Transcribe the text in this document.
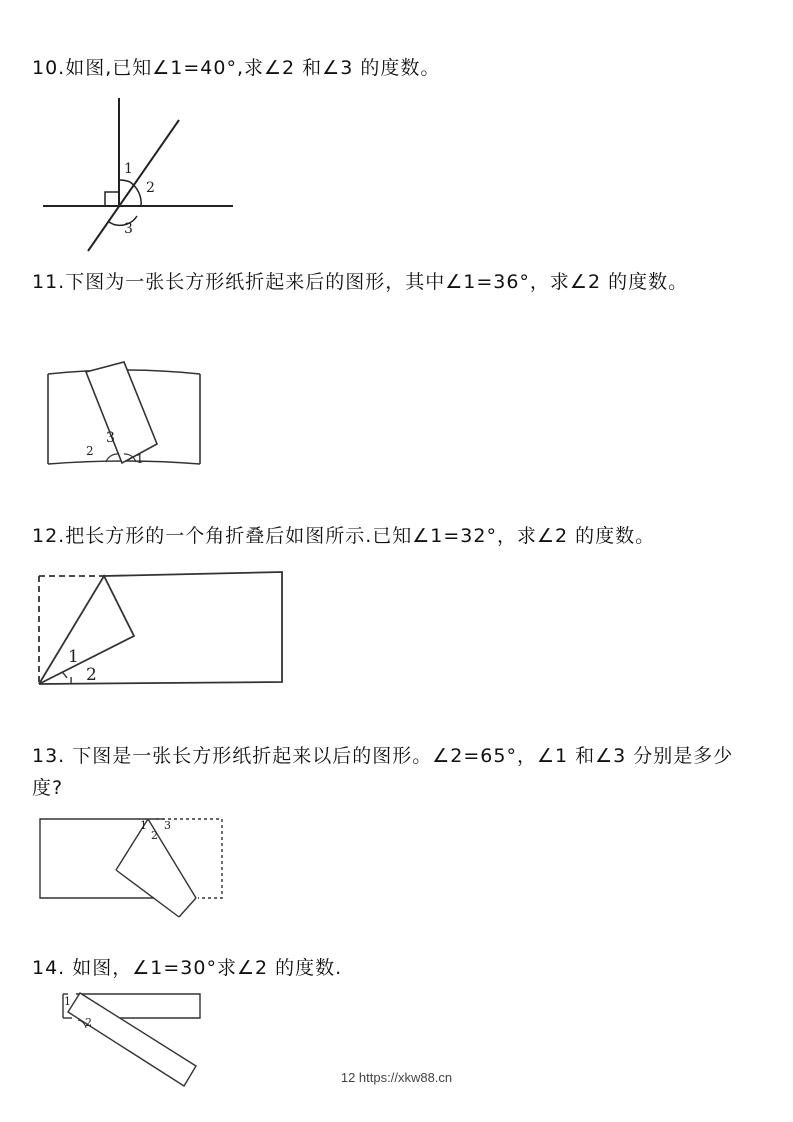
10.如图,已知∠1=40°,求∠2 和∠3 的度数。
1
2
3
11.下图为一张长方形纸折起来后的图形，其中∠1=36°，求∠2 的度数。
1
2
3
12.把长方形的一个角折叠后如图所示.已知∠1=32°，求∠2 的度数。
1
2
13. 下图是一张长方形纸折起来以后的图形。∠2=65°，∠1 和∠3 分别是多少度?
1
2
3
14. 如图，∠1=30°求∠2 的度数.
1
2
12 https://xkw88.cn
